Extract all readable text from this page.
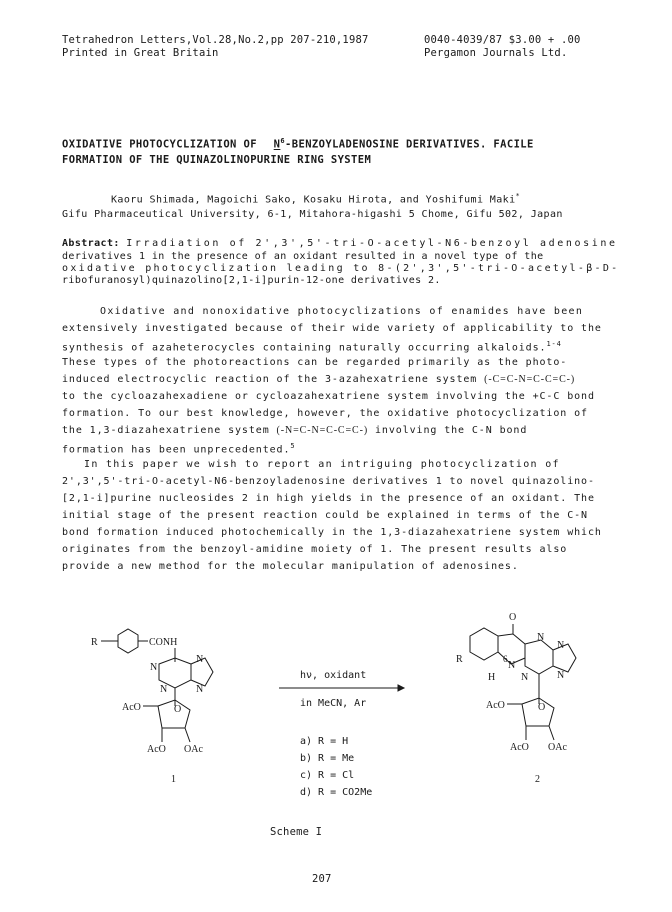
Tetrahedron Letters,Vol.28,No.2,pp 207-210,1987
Printed in Great Britain
0040-4039/87 $3.00 + .00
Pergamon Journals Ltd.
OXIDATIVE PHOTOCYCLIZATION OF $N^6$-BENZOYLADENOSINE DERIVATIVES. FACILE
FORMATION OF THE QUINAZOLINOPURINE RING SYSTEM
Kaoru Shimada, Magoichi Sako, Kosaku Hirota, and Yoshifumi Maki*
Gifu Pharmaceutical University, 6-1, Mitahora-higashi 5 Chome, Gifu 502, Japan
Abstract: Irradiation of 2',3',5'-tri-O-acetyl-N6-benzoyl adenosine
derivatives 1 in the presence of an oxidant resulted in a novel type of the
oxidative photocyclization leading to 8-(2',3',5'-tri-O-acetyl-β-D-
ribofuranosyl)quinazolino[2,1-i]purin-12-one derivatives 2.
Oxidative and nonoxidative photocyclizations of enamides have been
extensively investigated because of their wide variety of applicability to the
synthesis of azaheterocycles containing naturally occurring alkaloids.$^{1-4}$
These types of the photoreactions can be regarded primarily as the photo-
induced electrocyclic reaction of the 3-azahexatriene system (-C=C-N=C-C=C-)
to the cycloazahexadiene or cycloazahexatriene system involving the +C-C bond
formation. To our best knowledge, however, the oxidative photocyclization of
the 1,3-diazahexatriene system (-N=C-N=C-C=C-) involving the C-N bond
formation has been unprecedented.$^5$
In this paper we wish to report an intriguing photocyclization of
2',3',5'-tri-O-acetyl-N6-benzoyladenosine derivatives 1 to novel quinazolino-
[2,1-i]purine nucleosides 2 in high yields in the presence of an oxidant. The
initial stage of the present reaction could be explained in terms of the C-N
bond formation induced photochemically in the 1,3-diazahexatriene system which
originates from the benzoyl-amidine moiety of 1. The present results also
provide a new method for the molecular manipulation of adenosines.
R	CONH
N
N
N	N
O
AcO
AcO OAc
1
hν, oxidant
in MeCN, Ar
a) R = H
b) R = Me
c) R = Cl
d) R = CO2Me
O
R
N
N
N
6
H	N	N
O
AcO
AcO OAc
2
Scheme I
207
